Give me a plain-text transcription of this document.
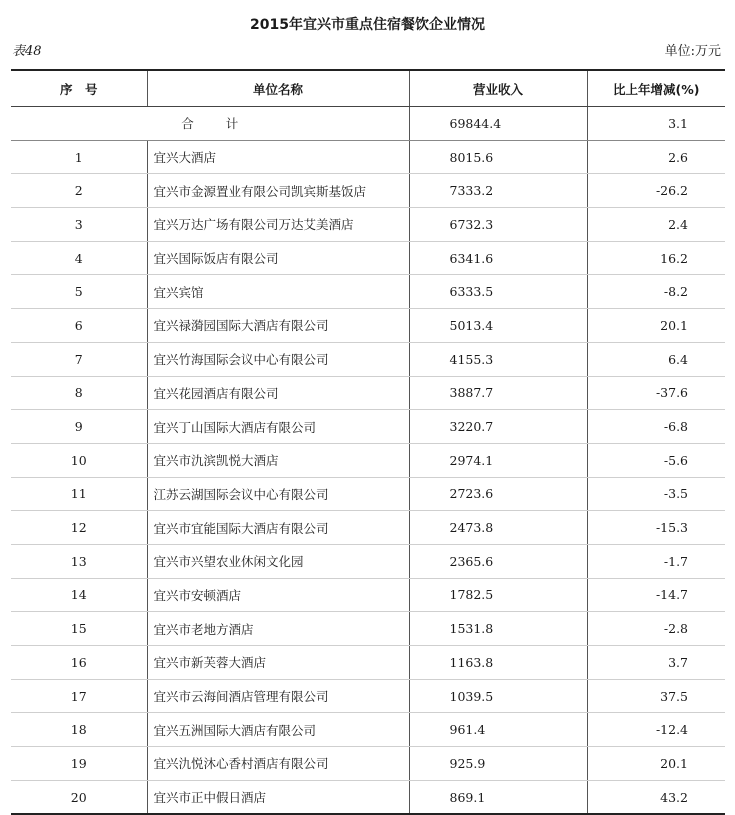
2015年宜兴市重点住宿餐饮企业情况
表48	单位:万元
序　号	单位名称	营业收入	比上年增减(%)
合 计		69844.4	3.1
1	宜兴大酒店	8015.6	2.6
2	宜兴市金源置业有限公司凯宾斯基饭店	7333.2	-26.2
3	宜兴万达广场有限公司万达艾美酒店	6732.3	2.4
4	宜兴国际饭店有限公司	6341.6	16.2
5	宜兴宾馆	6333.5	-8.2
6	宜兴禄漪园国际大酒店有限公司	5013.4	20.1
7	宜兴竹海国际会议中心有限公司	4155.3	6.4
8	宜兴花园酒店有限公司	3887.7	-37.6
9	宜兴丁山国际大酒店有限公司	3220.7	-6.8
10	宜兴市氿滨凯悦大酒店	2974.1	-5.6
11	江苏云湖国际会议中心有限公司	2723.6	-3.5
12	宜兴市宜能国际大酒店有限公司	2473.8	-15.3
13	宜兴市兴望农业休闲文化园	2365.6	-1.7
14	宜兴市安顿酒店	1782.5	-14.7
15	宜兴市老地方酒店	1531.8	-2.8
16	宜兴市新芙蓉大酒店	1163.8	3.7
17	宜兴市云海间酒店管理有限公司	1039.5	37.5
18	宜兴五洲国际大酒店有限公司	961.4	-12.4
19	宜兴氿悦沐心香村酒店有限公司	925.9	20.1
20	宜兴市正中假日酒店	869.1	43.2
